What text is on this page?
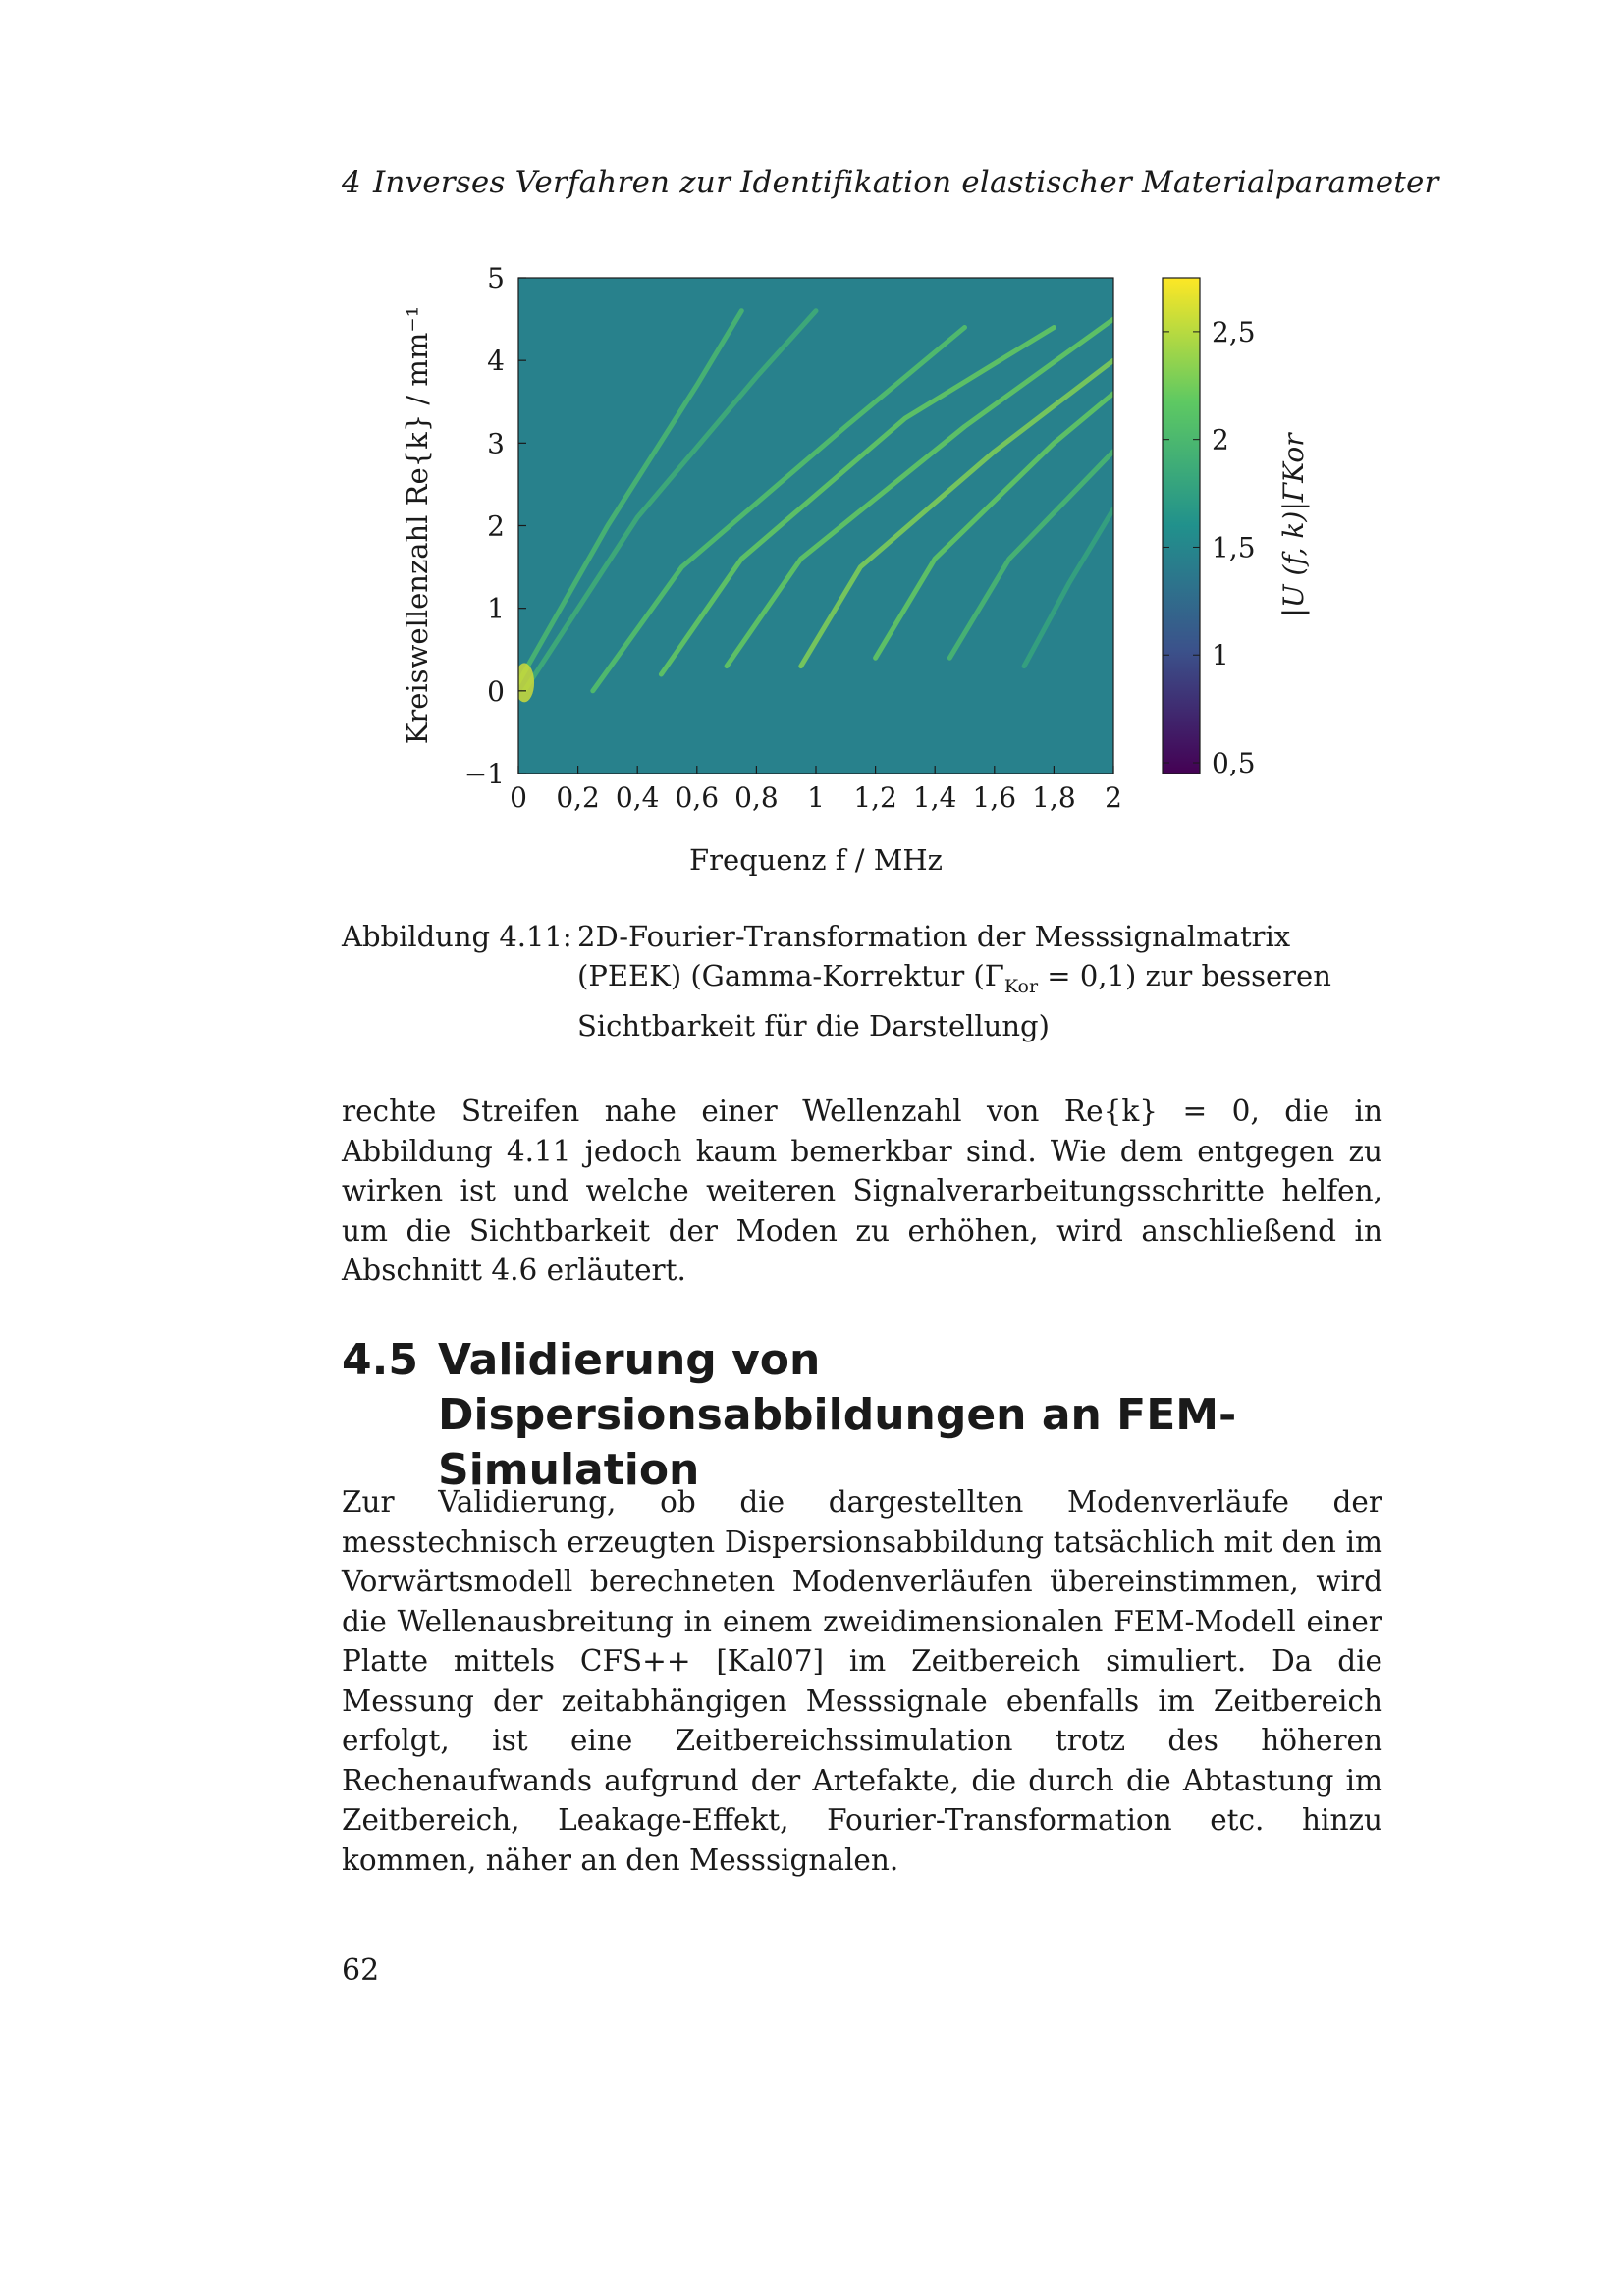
4 Inverses Verfahren zur Identifikation elastischer Materialparameter
0 0,2 0,4 0,6 0,8 1 1,2 1,4 1,6 1,8 2
−1
0
1
2
3
4
5
Frequenz f / MHz
Kreiswellenzahl Re{k} / mm⁻¹
0,5
1
1,5
2
2,5
|U (f, k)|ΓKor
Abbildung 4.11: 2D-Fourier-Transformation der Messsignalmatrix (PEEK) (Gamma-Korrektur $(\Gamma_{Kor} = 0,1)$ zur besseren Sichtbarkeit für die Darstellung)
rechte Streifen nahe einer Wellenzahl von Re{k} = 0, die in Abbildung 4.11 jedoch kaum bemerkbar sind. Wie dem entgegen zu wirken ist und welche weiteren Signalverarbeitungsschritte helfen, um die Sichtbarkeit der Moden zu erhöhen, wird anschließend in Abschnitt 4.6 erläutert.
4.5 Validierung von Dispersionsabbildungen an FEM-Simulation
Zur Validierung, ob die dargestellten Modenverläufe der messtechnisch erzeugten Dispersionsabbildung tatsächlich mit den im Vorwärtsmodell berechneten Modenverläufen übereinstimmen, wird die Wellenausbreitung in einem zweidimensionalen FEM-Modell einer Platte mittels CFS++ [Kal07] im Zeitbereich simuliert. Da die Messung der zeitabhängigen Messsignale ebenfalls im Zeitbereich erfolgt, ist eine Zeitbereichssimulation trotz des höheren Rechenaufwands aufgrund der Artefakte, die durch die Abtastung im Zeitbereich, Leakage-Effekt, Fourier-Transformation etc. hinzu kommen, näher an den Messsignalen.
62
